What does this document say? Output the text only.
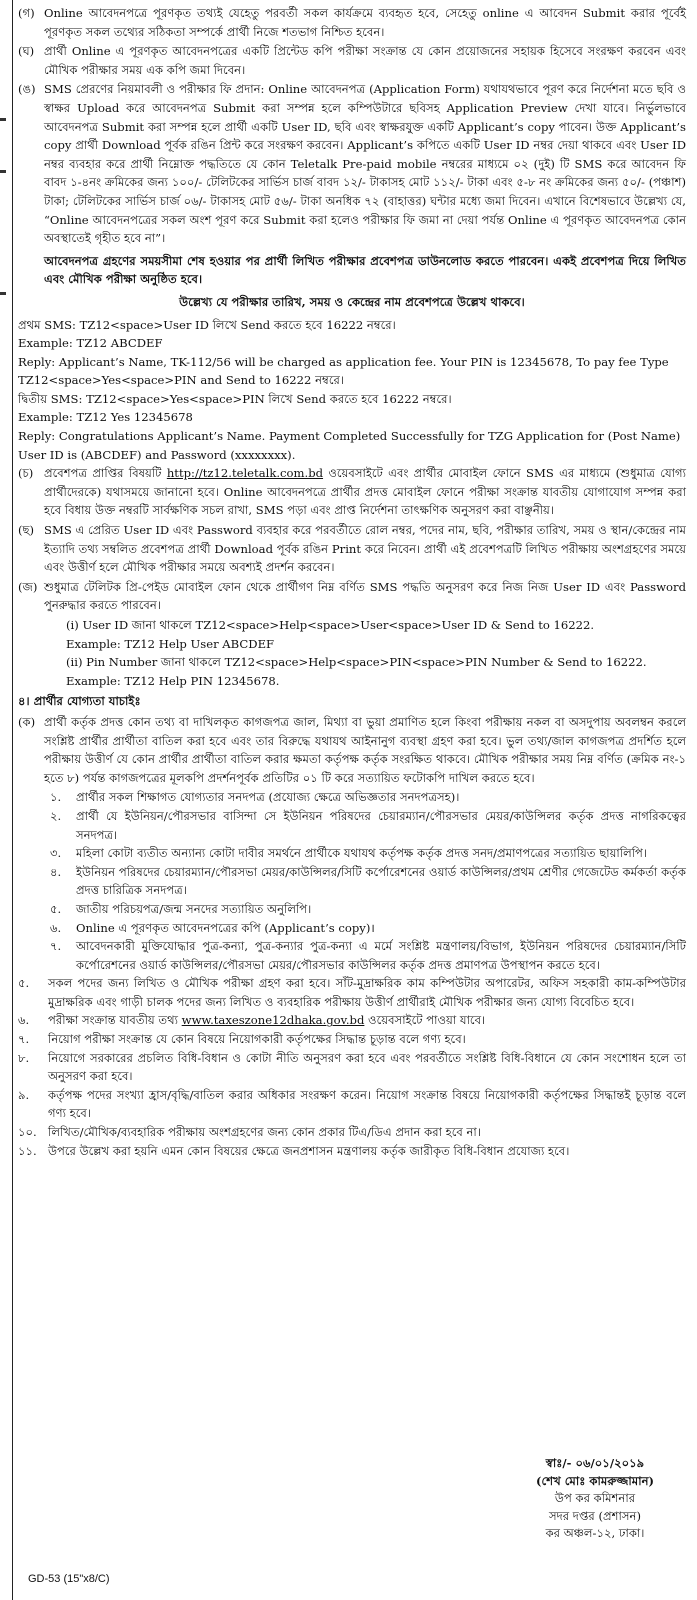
(গ) Online আবেদনপত্রে পূরণকৃত তথ্যই যেহেতু পরবর্তী সকল কার্যক্রমে ব্যবহৃত হবে, সেহেতু online এ আবেদন Submit করার পূর্বেই পূরণকৃত সকল তথ্যের সঠিকতা সম্পর্কে প্রার্থী নিজে শতভাগ নিশ্চিত হবেন।
(ঘ) প্রার্থী Online এ পূরণকৃত আবেদনপত্রের একটি প্রিন্টেড কপি পরীক্ষা সংক্রান্ত যে কোন প্রয়োজনের সহায়ক হিসেবে সংরক্ষণ করবেন এবং মৌখিক পরীক্ষার সময় এক কপি জমা দিবেন।
(ঙ) SMS প্রেরণের নিয়মাবলী ও পরীক্ষার ফি প্রদান: Online আবেদনপত্র (Application Form) যথাযথভাবে পূরণ করে নির্দেশনা মতে ছবি ও স্বাক্ষর Upload করে আবেদনপত্র Submit করা সম্পন্ন হলে কম্পিউটারে ছবিসহ Application Preview দেখা যাবে। নির্ভুলভাবে আবেদনপত্র Submit করা সম্পন্ন হলে প্রার্থী একটি User ID, ছবি এবং স্বাক্ষরযুক্ত একটি Applicant’s copy পাবেন। উক্ত Applicant’s copy প্রার্থী Download পূর্বক রঙিন প্রিন্ট করে সংরক্ষণ করবেন। Applicant’s কপিতে একটি User ID নম্বর দেয়া থাকবে এবং User ID নম্বর ব্যবহার করে প্রার্থী নিম্নোক্ত পদ্ধতিতে যে কোন Teletalk Pre-paid mobile নম্বরের মাধ্যমে ০২ (দুই) টি SMS করে আবেদন ফি বাবদ ১-৪নং ক্রমিকের জন্য ১০০/- টেলিটকের সার্ভিস চার্জ বাবদ ১২/- টাকাসহ মোট ১১২/- টাকা এবং ৫-৮ নং ক্রমিকের জন্য ৫০/- (পঞ্চাশ) টাকা; টেলিটকের সার্ভিস চার্জ ০৬/- টাকাসহ মোট ৫৬/- টাকা অনধিক ৭২ (বাহাত্তর) ঘন্টার মধ্যে জমা দিবেন। এখানে বিশেষভাবে উল্লেখ্য যে, “Online আবেদনপত্রের সকল অংশ পূরণ করে Submit করা হলেও পরীক্ষার ফি জমা না দেয়া পর্যন্ত Online এ পূরণকৃত আবেদনপত্র কোন অবস্থাতেই গৃহীত হবে না”।
আবেদনপত্র গ্রহণের সময়সীমা শেষ হওয়ার পর প্রার্থী লিখিত পরীক্ষার প্রবেশপত্র ডাউনলোড করতে পারবেন। একই প্রবেশপত্র দিয়ে লিখিত এবং মৌখিক পরীক্ষা অনুষ্ঠিত হবে।
উল্লেখ্য যে পরীক্ষার তারিখ, সময় ও কেন্দ্রের নাম প্রবেশপত্রে উল্লেখ থাকবে।
প্রথম SMS: TZ12<space>User ID লিখে Send করতে হবে 16222 নম্বরে।
Example: TZ12 ABCDEF
Reply: Applicant’s Name, TK-112/56 will be charged as application fee. Your PIN is 12345678, To pay fee Type TZ12<space>Yes<space>PIN and Send to 16222 নম্বরে।
দ্বিতীয় SMS: TZ12<space>Yes<space>PIN লিখে Send করতে হবে 16222 নম্বরে।
Example: TZ12 Yes 12345678
Reply: Congratulations Applicant’s Name. Payment Completed Successfully for TZG Application for (Post Name) User ID is (ABCDEF) and Password (xxxxxxxx).
(চ) প্রবেশপত্র প্রাপ্তির বিষয়টি http://tz12.teletalk.com.bd ওয়েবসাইটে এবং প্রার্থীর মোবাইল ফোনে SMS এর মাধ্যমে (শুধুমাত্র যোগ্য প্রার্থীদেরকে) যথাসময়ে জানানো হবে। Online আবেদনপত্রে প্রার্থীর প্রদত্ত মোবাইল ফোনে পরীক্ষা সংক্রান্ত যাবতীয় যোগাযোগ সম্পন্ন করা হবে বিধায় উক্ত নম্বরটি সার্বক্ষণিক সচল রাখা, SMS পড়া এবং প্রাপ্ত নির্দেশনা তাৎক্ষণিক অনুসরণ করা বাঞ্ছনীয়।
(ছ) SMS এ প্রেরিত User ID এবং Password ব্যবহার করে পরবর্তীতে রোল নম্বর, পদের নাম, ছবি, পরীক্ষার তারিখ, সময় ও স্থান/কেন্দ্রের নাম ইত্যাদি তথ্য সম্বলিত প্রবেশপত্র প্রার্থী Download পূর্বক রঙিন Print করে নিবেন। প্রার্থী এই প্রবেশপত্রটি লিখিত পরীক্ষায় অংশগ্রহণের সময়ে এবং উত্তীর্ণ হলে মৌখিক পরীক্ষার সময়ে অবশ্যই প্রদর্শন করবেন।
(জ) শুধুমাত্র টেলিটক প্রি-পেইড মোবাইল ফোন থেকে প্রার্থীগণ নিম্ন বর্ণিত SMS পদ্ধতি অনুসরণ করে নিজ নিজ User ID এবং Password পুনরুদ্ধার করতে পারবেন।
(i) User ID জানা থাকলে TZ12<space>Help<space>User<space>User ID & Send to 16222.
Example: TZ12 Help User ABCDEF
(ii) Pin Number জানা থাকলে TZ12<space>Help<space>PIN<space>PIN Number & Send to 16222.
Example: TZ12 Help PIN 12345678.
৪। প্রার্থীর যোগ্যতা যাচাইঃ
(ক) প্রার্থী কর্তৃক প্রদত্ত কোন তথ্য বা দাখিলকৃত কাগজপত্র জাল, মিথ্যা বা ভুয়া প্রমাণিত হলে কিংবা পরীক্ষায় নকল বা অসদুপায় অবলম্বন করলে সংশ্লিষ্ট প্রার্থীর প্রার্থীতা বাতিল করা হবে এবং তার বিরুদ্ধে যথাযথ আইনানুগ ব্যবস্থা গ্রহণ করা হবে। ভুল তথ্য/জাল কাগজপত্র প্রদর্শিত হলে পরীক্ষায় উত্তীর্ণ যে কোন প্রার্থীর প্রার্থীতা বাতিল করার ক্ষমতা কর্তৃপক্ষ কর্তৃক সংরক্ষিত থাকবে। মৌখিক পরীক্ষার সময় নিম্ন বর্ণিত (ক্রমিক নং-১ হতে ৮) পর্যন্ত কাগজপত্রের মূলকপি প্রদর্শনপূর্বক প্রতিটির ০১ টি করে সত্যায়িত ফটোকপি দাখিল করতে হবে।
১.	প্রার্থীর সকল শিক্ষাগত যোগ্যতার সনদপত্র (প্রযোজ্য ক্ষেত্রে অভিজ্ঞতার সনদপত্রসহ)।
২.	প্রার্থী যে ইউনিয়ন/পৌরসভার বাসিন্দা সে ইউনিয়ন পরিষদের চেয়ারম্যান/পৌরসভার মেয়র/কাউন্সিলর কর্তৃক প্রদত্ত নাগরিকত্বের সনদপত্র।
৩.	মহিলা কোটা ব্যতীত অন্যান্য কোটা দাবীর সমর্থনে প্রার্থীকে যথাযথ কর্তৃপক্ষ কর্তৃক প্রদত্ত সনদ/প্রমাণপত্রের সত্যায়িত ছায়ালিপি।
৪.	ইউনিয়ন পরিষদের চেয়ারম্যান/পৌরসভা মেয়র/কাউন্সিলর/সিটি কর্পোরেশনের ওয়ার্ড কাউন্সিলর/প্রথম শ্রেণীর গেজেটেড কর্মকর্তা কর্তৃক প্রদত্ত চারিত্রিক সনদপত্র।
৫.	জাতীয় পরিচয়পত্র/জন্ম সনদের সত্যায়িত অনুলিপি।
৬.	Online এ পূরণকৃত আবেদনপত্রের কপি (Applicant’s copy)।
৭.	আবেদনকারী মুক্তিযোদ্ধার পুত্র-কন্যা, পুত্র-কন্যার পুত্র-কন্যা এ মর্মে সংশ্লিষ্ট মন্ত্রণালয়/বিভাগ, ইউনিয়ন পরিষদের চেয়ারম্যান/সিটি কর্পোরেশনের ওয়ার্ড কাউন্সিলর/পৌরসভা মেয়র/পৌরসভার কাউন্সিলর কর্তৃক প্রদত্ত প্রমাণপত্র উপস্থাপন করতে হবে।
৫.	সকল পদের জন্য লিখিত ও মৌখিক পরীক্ষা গ্রহণ করা হবে। সাঁট-মুদ্রাক্ষরিক কাম কম্পিউটার অপারেটর, অফিস সহকারী কাম-কম্পিউটার মুদ্রাক্ষরিক এবং গাড়ী চালক পদের জন্য লিখিত ও ব্যবহারিক পরীক্ষায় উত্তীর্ণ প্রার্থীরাই মৌখিক পরীক্ষার জন্য যোগ্য বিবেচিত হবে।
৬.	পরীক্ষা সংক্রান্ত যাবতীয় তথ্য www.taxeszone12dhaka.gov.bd ওয়েবসাইটে পাওয়া যাবে।
৭.	নিয়োগ পরীক্ষা সংক্রান্ত যে কোন বিষয়ে নিয়োগকারী কর্তৃপক্ষের সিদ্ধান্ত চূড়ান্ত বলে গণ্য হবে।
৮.	নিয়োগে সরকারের প্রচলিত বিধি-বিধান ও কোটা নীতি অনুসরণ করা হবে এবং পরবর্তীতে সংশ্লিষ্ট বিধি-বিধানে যে কোন সংশোধন হলে তা অনুসরণ করা হবে।
৯.	কর্তৃপক্ষ পদের সংখ্যা হ্রাস/বৃদ্ধি/বাতিল করার অধিকার সংরক্ষণ করেন। নিয়োগ সংক্রান্ত বিষয়ে নিয়োগকারী কর্তৃপক্ষের সিদ্ধান্তই চূড়ান্ত বলে গণ্য হবে।
১০. লিখিত/মৌখিক/ব্যবহারিক পরীক্ষায় অংশগ্রহণের জন্য কোন প্রকার টিএ/ডিএ প্রদান করা হবে না।
১১. উপরে উল্লেখ করা হয়নি এমন কোন বিষয়ের ক্ষেত্রে জনপ্রশাসন মন্ত্রণালয় কর্তৃক জারীকৃত বিধি-বিধান প্রযোজ্য হবে।
স্বাঃ/- ০৬/০১/২০১৯
(শেখ মোঃ কামরুজ্জামান)
উপ কর কমিশনার
সদর দপ্তর (প্রশাসন)
কর অঞ্চল-১২, ঢাকা।
GD-53 (15"x8/C)
